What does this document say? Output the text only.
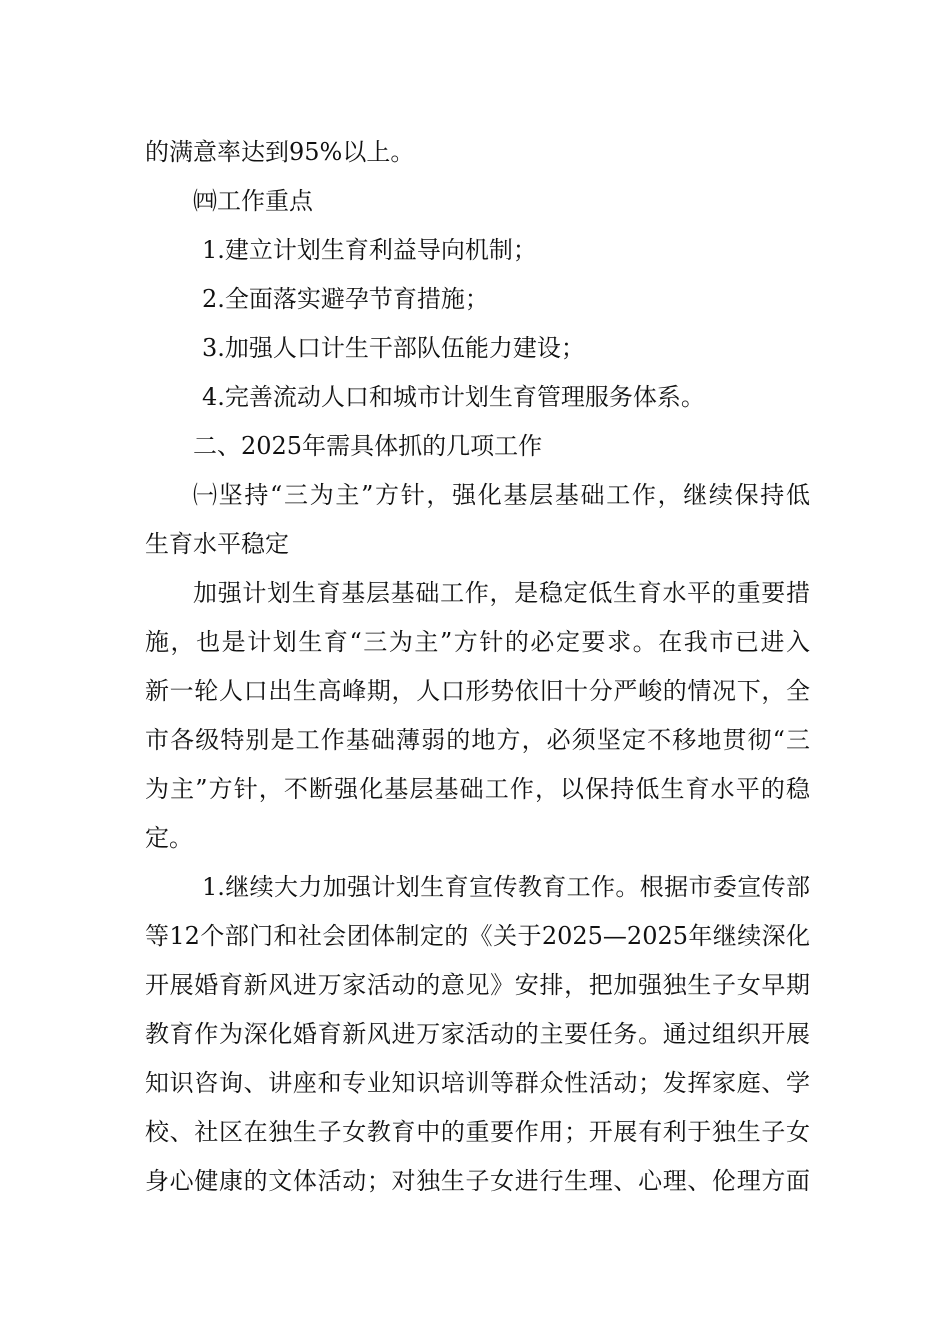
的满意率达到95%以上。
㈣工作重点
1.建立计划生育利益导向机制；
2.全面落实避孕节育措施；
3.加强人口计生干部队伍能力建设；
4.完善流动人口和城市计划生育管理服务体系。
二、2025年需具体抓的几项工作
㈠坚持“三为主”方针，强化基层基础工作，继续保持低
生育水平稳定
加强计划生育基层基础工作，是稳定低生育水平的重要措
施，也是计划生育“三为主”方针的必定要求。在我市已进入
新一轮人口出生高峰期，人口形势依旧十分严峻的情况下，全
市各级特别是工作基础薄弱的地方，必须坚定不移地贯彻“三
为主”方针，不断强化基层基础工作，以保持低生育水平的稳
定。
1.继续大力加强计划生育宣传教育工作。根据市委宣传部
等12个部门和社会团体制定的《关于2025—2025年继续深化
开展婚育新风进万家活动的意见》安排，把加强独生子女早期
教育作为深化婚育新风进万家活动的主要任务。通过组织开展
知识咨询、讲座和专业知识培训等群众性活动；发挥家庭、学
校、社区在独生子女教育中的重要作用；开展有利于独生子女
身心健康的文体活动；对独生子女进行生理、心理、伦理方面
